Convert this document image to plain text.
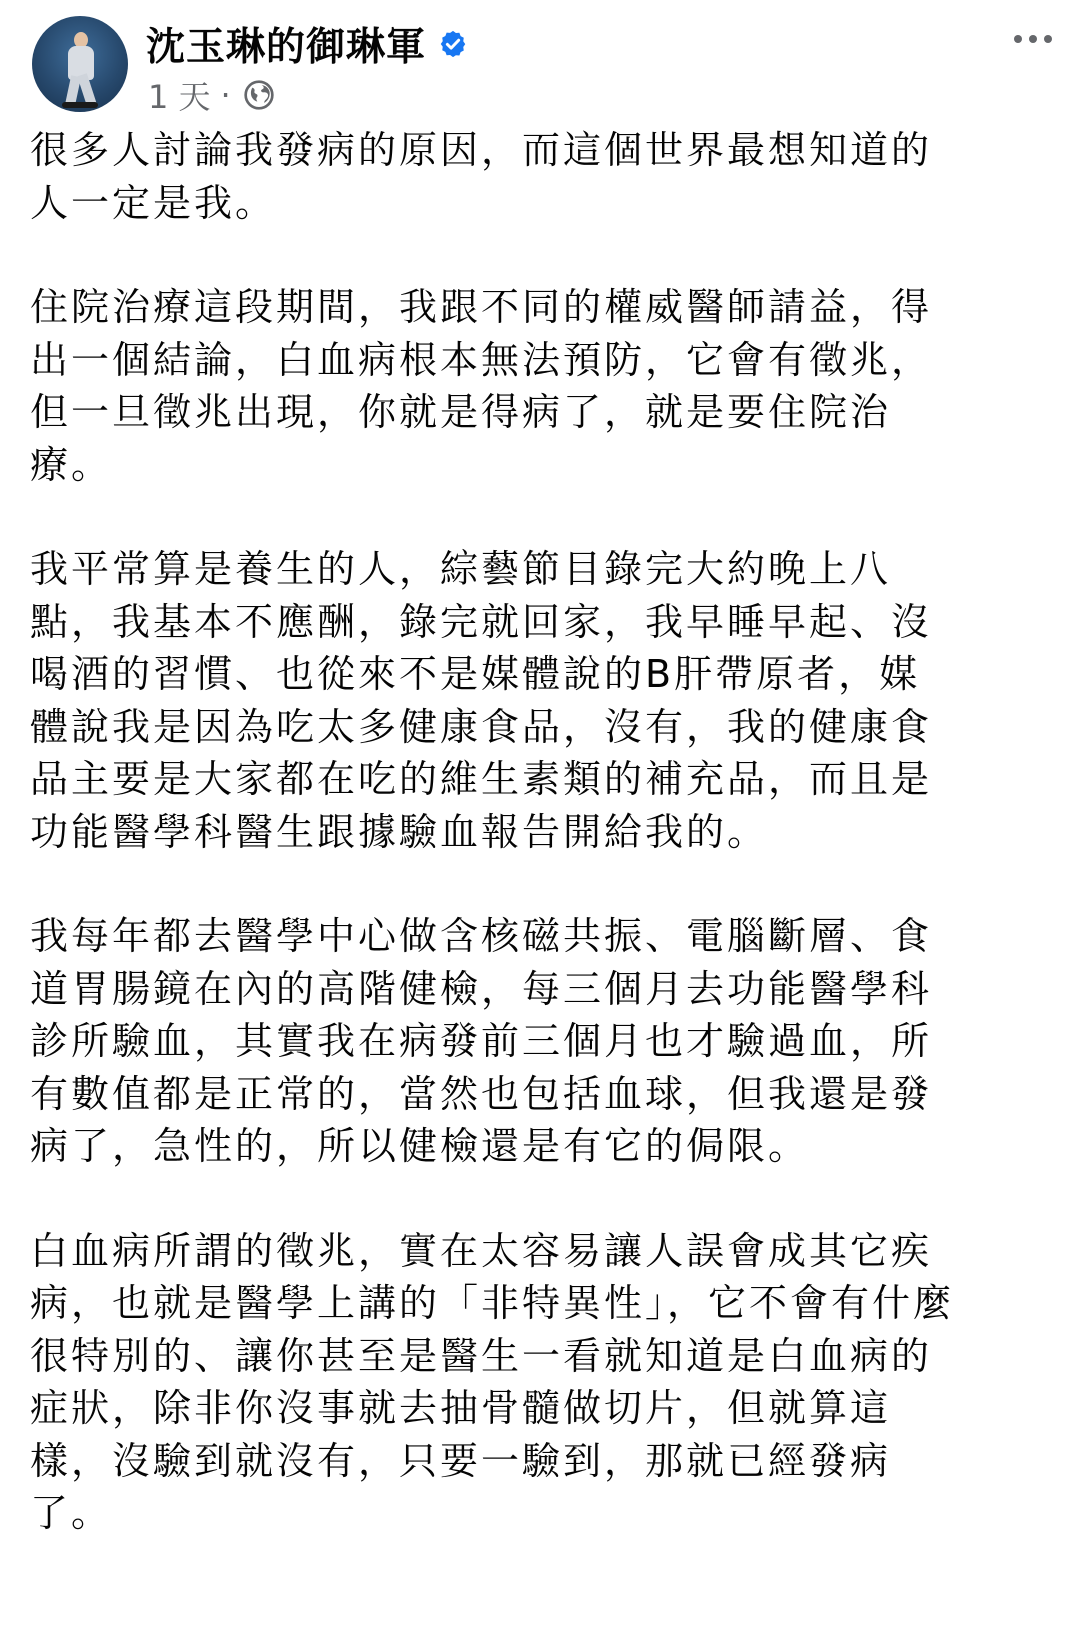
沈玉琳的御琳軍
1 天 ·
很多人討論我發病的原因，而這個世界最想知道的
人一定是我。
住院治療這段期間，我跟不同的權威醫師請益，得
出一個結論，白血病根本無法預防，它會有徵兆，
但一旦徵兆出現，你就是得病了，就是要住院治
療。
我平常算是養生的人，綜藝節目錄完大約晚上八
點，我基本不應酬，錄完就回家，我早睡早起、沒
喝酒的習慣、也從來不是媒體說的B肝帶原者，媒
體說我是因為吃太多健康食品，沒有，我的健康食
品主要是大家都在吃的維生素類的補充品，而且是
功能醫學科醫生跟據驗血報告開給我的。
我每年都去醫學中心做含核磁共振、電腦斷層、食
道胃腸鏡在內的高階健檢，每三個月去功能醫學科
診所驗血，其實我在病發前三個月也才驗過血，所
有數值都是正常的，當然也包括血球，但我還是發
病了，急性的，所以健檢還是有它的侷限。
白血病所謂的徵兆，實在太容易讓人誤會成其它疾
病，也就是醫學上講的「非特異性」，它不會有什麼
很特別的、讓你甚至是醫生一看就知道是白血病的
症狀，除非你沒事就去抽骨髓做切片，但就算這
樣，沒驗到就沒有，只要一驗到，那就已經發病
了。
